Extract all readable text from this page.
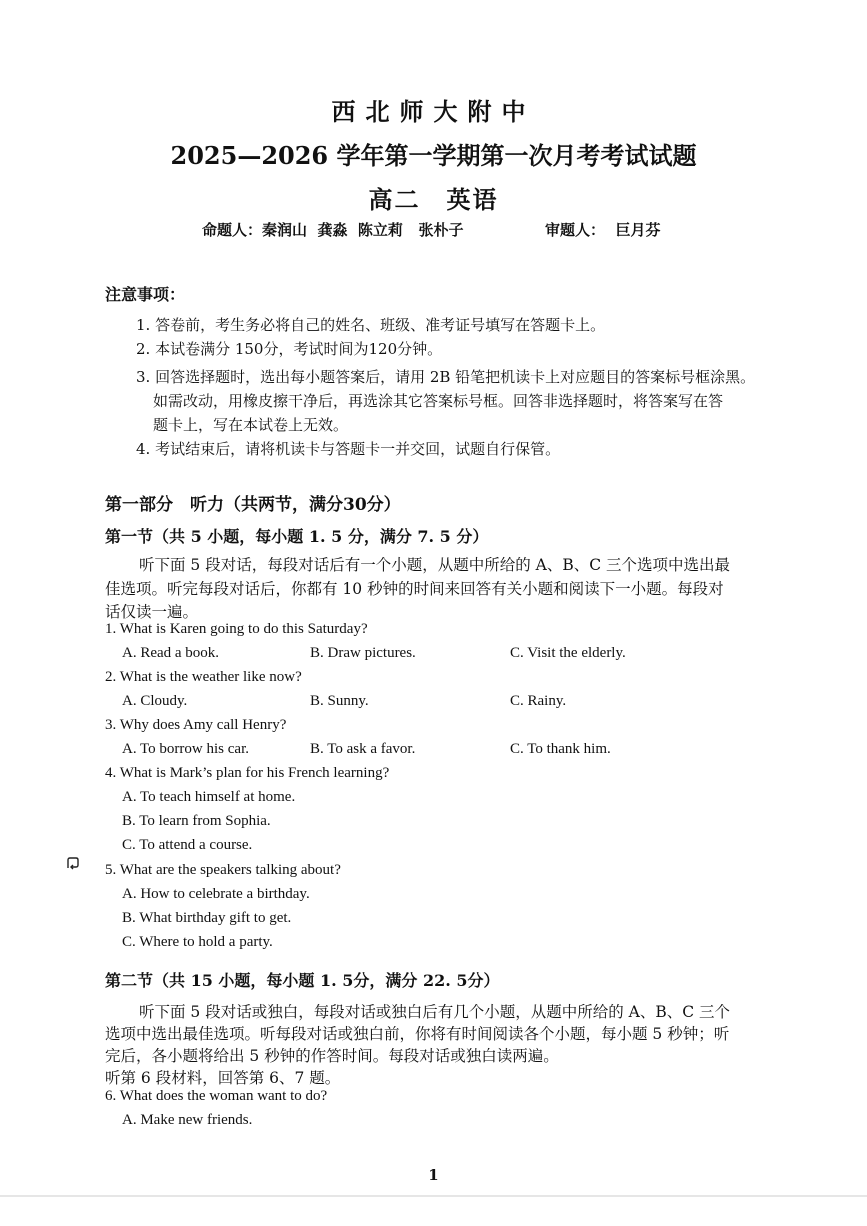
西北师大附中
2025—2026 学年第一学期第一次月考考试试题
高二　英语
命题人：秦润山  龚淼  陈立莉   张朴子	审题人：  巨月芬
注意事项：
1. 答卷前，考生务必将自己的姓名、班级、准考证号填写在答题卡上。
2. 本试卷满分 150分，考试时间为120分钟。
3. 回答选择题时，选出每小题答案后，请用 2B 铅笔把机读卡上对应题目的答案标号框涂黑。
如需改动，用橡皮擦干净后，再选涂其它答案标号框。回答非选择题时，将答案写在答
题卡上，写在本试卷上无效。
4. 考试结束后，请将机读卡与答题卡一并交回，试题自行保管。
第一部分　听力（共两节，满分30分）
第一节（共 5 小题，每小题 1. 5 分，满分 7. 5 分）
听下面 5 段对话，每段对话后有一个小题，从题中所给的 A、B、C 三个选项中选出最
佳选项。听完每段对话后，你都有 10 秒钟的时间来回答有关小题和阅读下一小题。每段对
话仅读一遍。
1. What is Karen going to do this Saturday?
A. Read a book.	B. Draw pictures.	C. Visit the elderly.
2. What is the weather like now?
A. Cloudy.	B. Sunny.	C. Rainy.
3. Why does Amy call Henry?
A. To borrow his car.	B. To ask a favor.	C. To thank him.
4. What is Mark’s plan for his French learning?
A. To teach himself at home.
B. To learn from Sophia.
C. To attend a course.
5. What are the speakers talking about?
A. How to celebrate a birthday.
B. What birthday gift to get.
C. Where to hold a party.
第二节（共 15 小题，每小题 1. 5分，满分 22. 5分）
听下面 5 段对话或独白，每段对话或独白后有几个小题，从题中所给的 A、B、C 三个
选项中选出最佳选项。听每段对话或独白前，你将有时间阅读各个小题，每小题 5 秒钟；听
完后，各小题将给出 5 秒钟的作答时间。每段对话或独白读两遍。
听第 6 段材料，回答第 6、7 题。
6. What does the woman want to do?
A. Make new friends.
1
